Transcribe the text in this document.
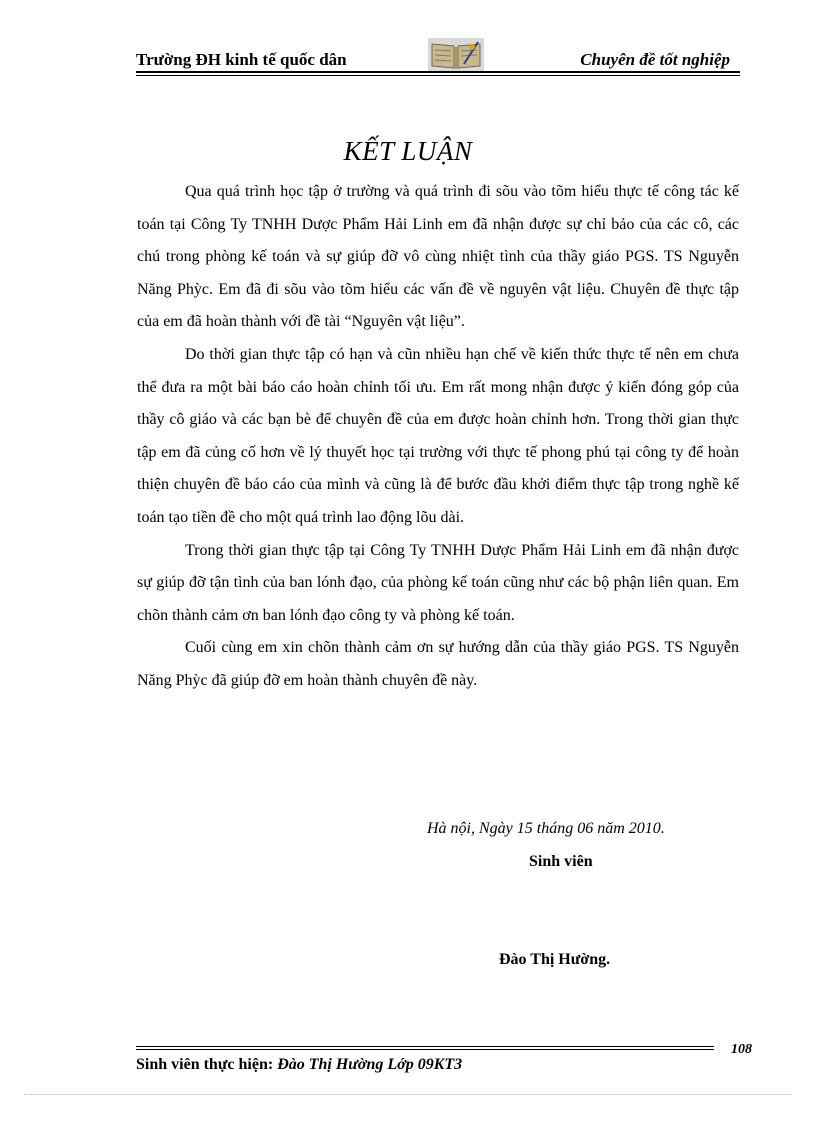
Trường ĐH kinh tế quốc dân	Chuyên đề tốt nghiệp
KẾT LUẬN

Qua quá trình học tập ở trường và quá trình đi sõu vào tõm hiểu thực tế công tác kế toán tại Công Ty TNHH Dược Phẩm Hải Linh em đã nhận được sự chỉ bảo của các cô, các chú trong phòng kế toán và sự giúp đỡ vô cùng nhiệt tình của thầy giáo PGS. TS Nguyễn Năng Phỳc. Em đã đi sõu vào tõm hiểu các vấn đề về nguyên vật liệu. Chuyên đề thực tập của em đã hoàn thành với đề tài “Nguyên vật liệu”.

Do thời gian thực tập có hạn và cũn nhiều hạn chế về kiến thức thực tế nên em chưa thể đưa ra một bài báo cáo hoàn chỉnh tối ưu. Em rất mong nhận được ý kiến đóng góp của thầy cô giáo và các bạn bè để chuyên đề của em được hoàn chỉnh hơn. Trong thời gian thực tập em đã củng cố hơn về lý thuyết học tại trường với thực tế phong phú tại công ty để hoàn thiện chuyên đề báo cáo của mình và cũng là để bước đầu khởi điểm thực tập trong nghề kế toán tạo tiền đề cho một quá trình lao động lõu dài.

Trong thời gian thực tập tại Công Ty TNHH Dược Phẩm Hải Linh em đã nhận được sự giúp đỡ tận tình của ban lónh đạo, của phòng kế toán cũng như các bộ phận liên quan. Em chõn thành cảm ơn ban lónh đạo công ty và phòng kế toán.

Cuối cùng em xin chõn thành cảm ơn sự hướng dẫn của thầy giáo PGS. TS Nguyễn Năng Phỳc đã giúp đỡ em hoàn thành chuyên đề này.

Hà nội, Ngày 15 tháng 06 năm 2010.
Sinh viên
Đào Thị Hường.
108
Sinh viên thực hiện: Đào Thị Hường Lớp 09KT3
